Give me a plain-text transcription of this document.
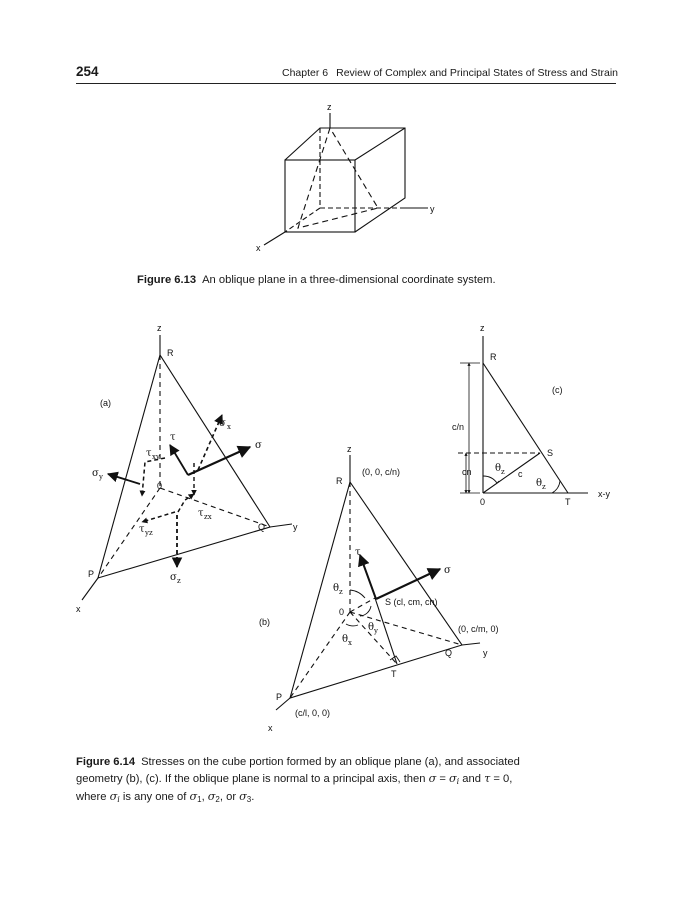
254	Chapter 6 Review of Complex and Principal States of Stress and Strain
z
y
x
z
R
(a)
σ
σ x
τ
τ xy
σ y
0
τ zx
τ yz
Q	y
P	σ z
x
z
R
(0, 0, c/n)
τ
σ
θ z
S (cl, cm, cn)
0
θ y	(0, c/m, 0)
(b)
θ x
Q	y
T
P
(c/l, 0, 0)
x
z
R
(c)
c/n
S
θ z
cn	c
θ z
0	T
x-y
Figure 6.13 An oblique plane in a three-dimensional coordinate system.
Figure 6.14 Stresses on the cube portion formed by an oblique plane (a), and associated
geometry (b), (c). If the oblique plane is normal to a principal axis, then $\sigma = \sigma_i$ and τ = 0,
where $\sigma_i$ is any one of $\sigma_1$, $\sigma_2$, or $\sigma_3$.
